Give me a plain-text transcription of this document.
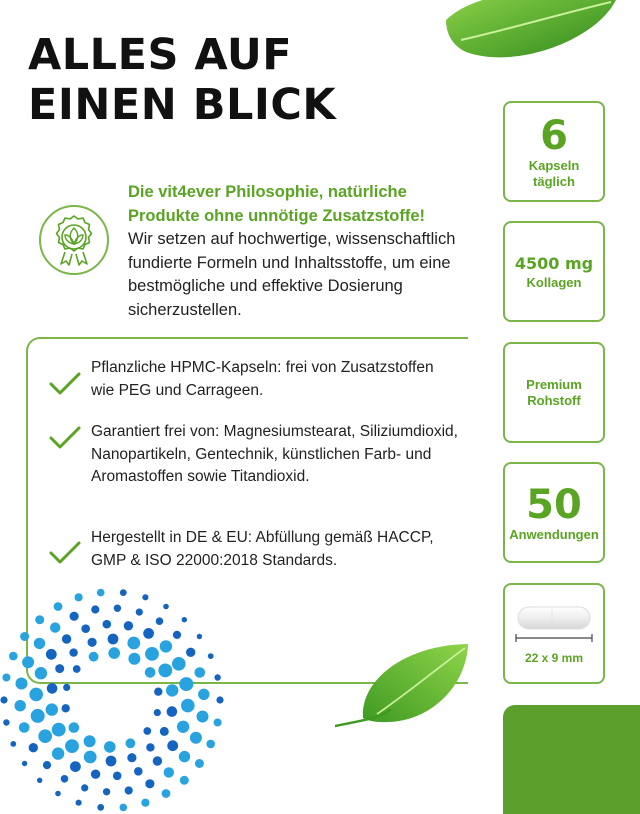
ALLES AUF
EINEN BLICK

Die vit4ever Philosophie, natürliche Produkte ohne unnötige Zusatzstoffe!

Wir setzen auf hochwertige, wissenschaftlich fundierte Formeln und Inhaltsstoffe, um eine bestmögliche und effektive Dosierung sicherzustellen.

Pflanzliche HPMC-Kapseln: frei von Zusatzstoffen wie PEG und Carrageen.

Garantiert frei von: Magnesiumstearat, Siliziumdioxid, Nanopartikeln, Gentechnik, künstlichen Farb- und Aromastoffen sowie Titandioxid.

Hergestellt in DE & EU: Abfüllung gemäß HACCP, GMP & ISO 22000:2018 Standards.

6
Kapseln
täglich
4500 mg
Kollagen
Premium
Rohstoff
50
Anwendungen
22 x 9 mm
